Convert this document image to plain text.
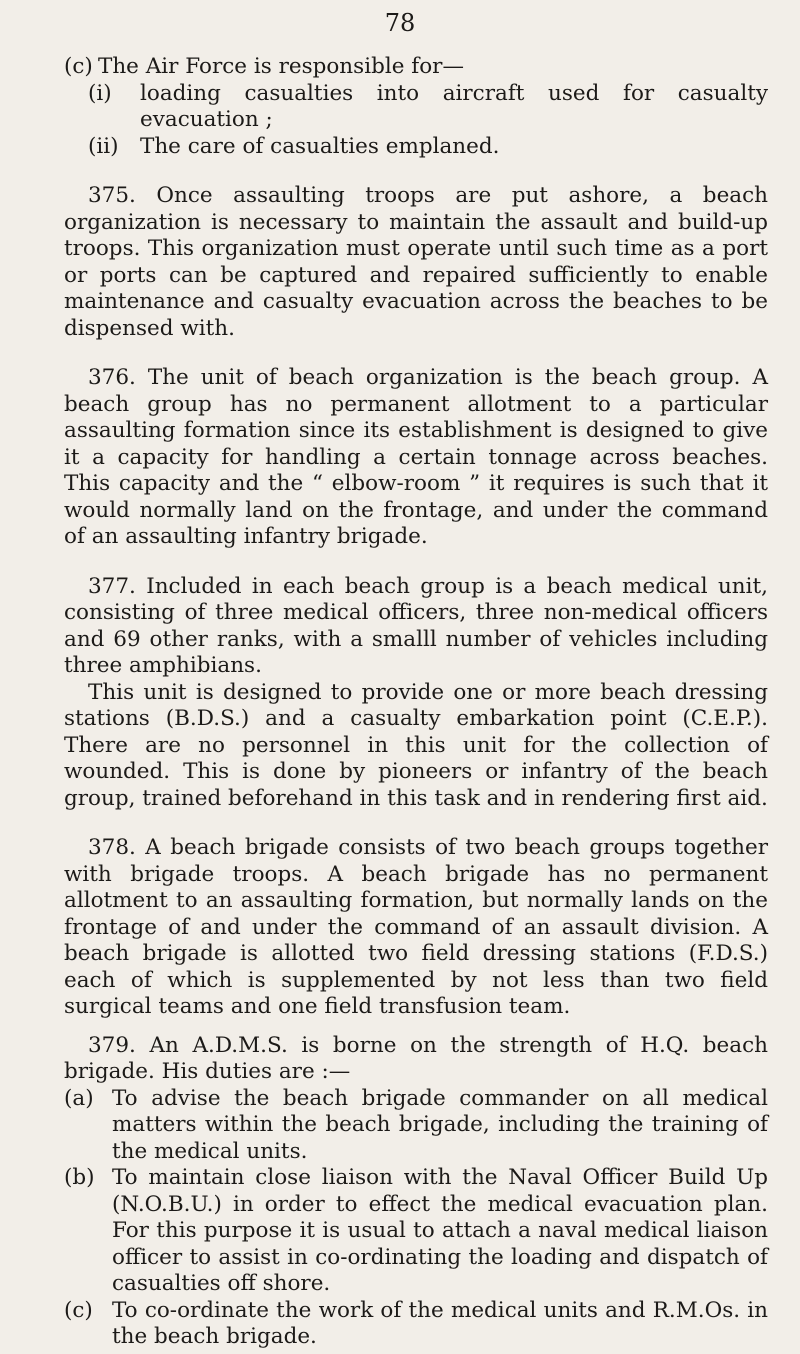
78

(c) The Air Force is responsible for—

(i) loading casualties into aircraft used for casualty evacuation ;

(ii) The care of casualties emplaned.

375. Once assaulting troops are put ashore, a beach organization is necessary to maintain the assault and build-up troops. This organization must operate until such time as a port or ports can be captured and repaired sufficiently to enable maintenance and casualty evacuation across the beaches to be dispensed with.

376. The unit of beach organization is the beach group. A beach group has no permanent allotment to a particular assaulting formation since its establishment is designed to give it a capacity for handling a certain tonnage across beaches. This capacity and the “ elbow-room ” it requires is such that it would normally land on the frontage, and under the command of an assaulting infantry brigade.

377. Included in each beach group is a beach medical unit, consisting of three medical officers, three non-medical officers and 69 other ranks, with a smalll number of vehicles including three amphibians.

This unit is designed to provide one or more beach dressing stations (B.D.S.) and a casualty embarkation point (C.E.P.). There are no personnel in this unit for the collection of wounded. This is done by pioneers or infantry of the beach group, trained beforehand in this task and in rendering first aid.

378. A beach brigade consists of two beach groups together with brigade troops. A beach brigade has no permanent allotment to an assaulting formation, but normally lands on the frontage of and under the command of an assault division. A beach brigade is allotted two field dressing stations (F.D.S.) each of which is supplemented by not less than two field surgical teams and one field transfusion team.

379. An A.D.M.S. is borne on the strength of H.Q. beach brigade. His duties are :—

(a) To advise the beach brigade commander on all medical matters within the beach brigade, including the training of the medical units.

(b) To maintain close liaison with the Naval Officer Build Up (N.O.B.U.) in order to effect the medical evacuation plan. For this purpose it is usual to attach a naval medical liaison officer to assist in co-ordinating the loading and dispatch of casualties off shore.

(c) To co-ordinate the work of the medical units and R.M.Os. in the beach brigade.
